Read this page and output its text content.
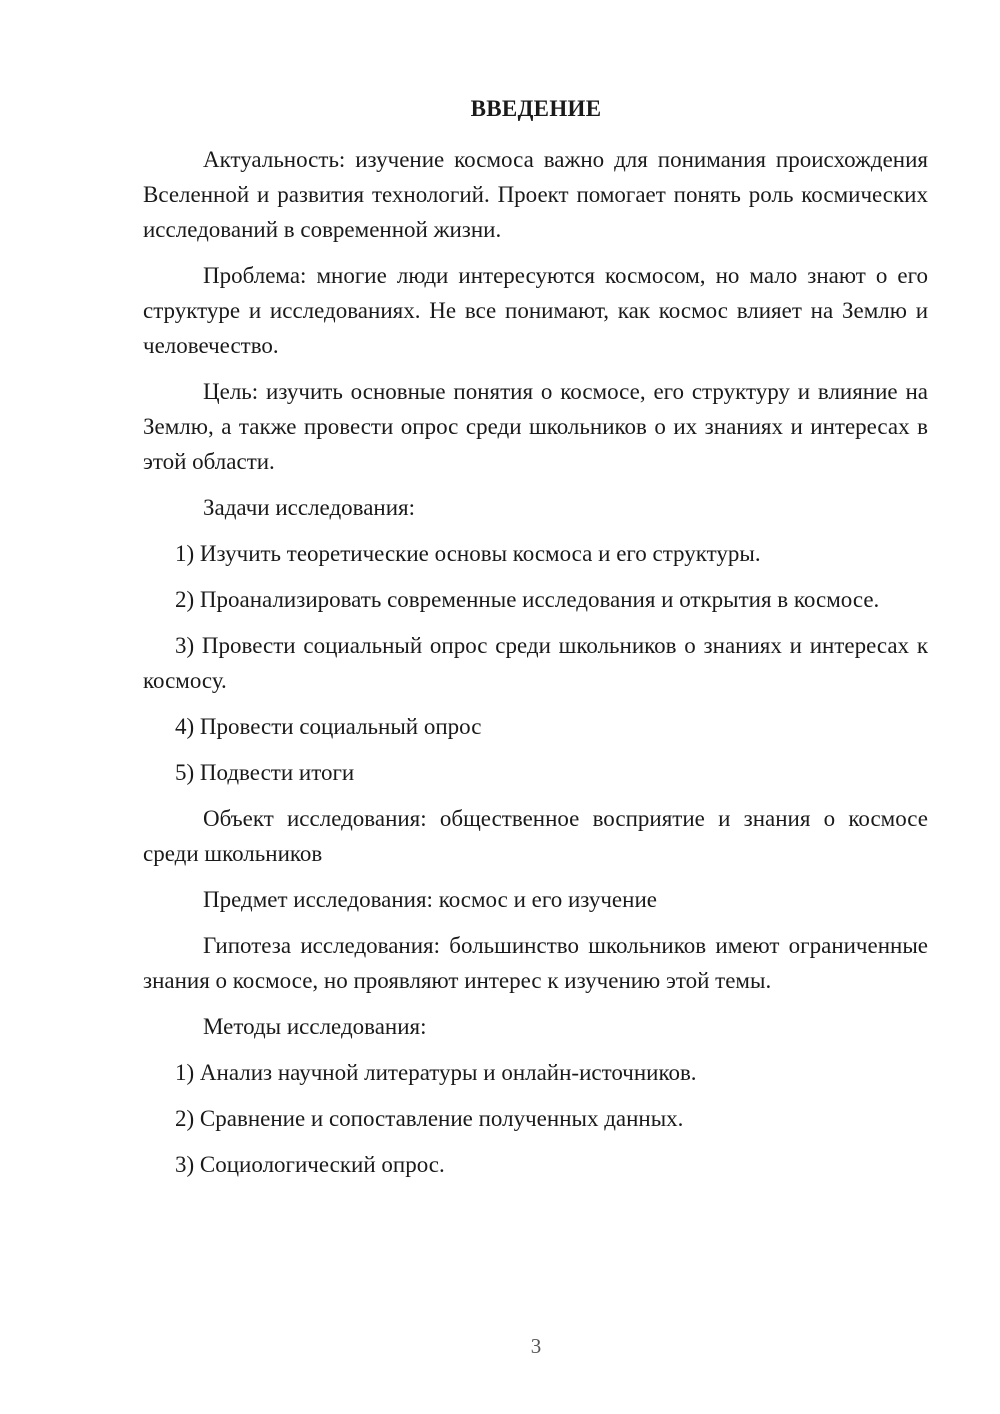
ВВЕДЕНИЕ

Актуальность: изучение космоса важно для понимания происхождения Вселенной и развития технологий. Проект помогает понять роль космических исследований в современной жизни.

Проблема: многие люди интересуются космосом, но мало знают о его структуре и исследованиях. Не все понимают, как космос влияет на Землю и человечество.

Цель: изучить основные понятия о космосе, его структуру и влияние на Землю, а также провести опрос среди школьников о их знаниях и интересах в этой области.

Задачи исследования:

1) Изучить теоретические основы космоса и его структуры.

2) Проанализировать современные исследования и открытия в космосе.

3) Провести социальный опрос среди школьников о знаниях и интересах к космосу.

4) Провести социальный опрос

5) Подвести итоги

Объект исследования: общественное восприятие и знания о космосе среди школьников

Предмет исследования: космос и его изучение

Гипотеза исследования: большинство школьников имеют ограниченные знания о космосе, но проявляют интерес к изучению этой темы.

Методы исследования:

1) Анализ научной литературы и онлайн-источников.

2) Сравнение и сопоставление полученных данных.

3) Социологический опрос.

3
